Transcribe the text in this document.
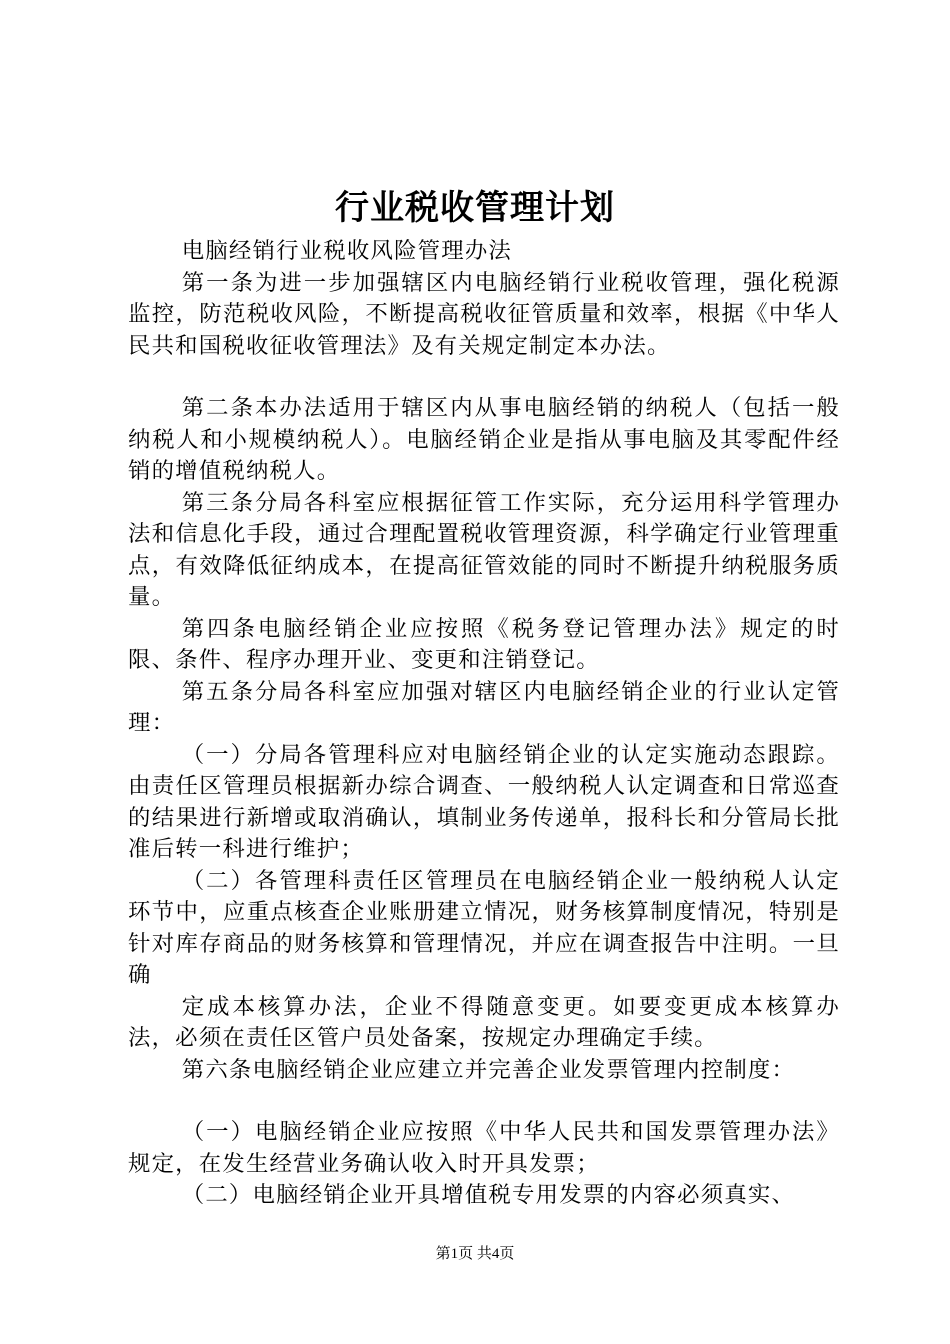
行业税收管理计划

电脑经销行业税收风险管理办法

第一条为进一步加强辖区内电脑经销行业税收管理，强化税源监控，防范税收风险，不断提高税收征管质量和效率，根据《中华人民共和国税收征收管理法》及有关规定制定本办法。

第二条本办法适用于辖区内从事电脑经销的纳税人（包括一般纳税人和小规模纳税人）。电脑经销企业是指从事电脑及其零配件经销的增值税纳税人。

第三条分局各科室应根据征管工作实际，充分运用科学管理办法和信息化手段，通过合理配置税收管理资源，科学确定行业管理重点，有效降低征纳成本，在提高征管效能的同时不断提升纳税服务质量。

第四条电脑经销企业应按照《税务登记管理办法》规定的时限、条件、程序办理开业、变更和注销登记。

第五条分局各科室应加强对辖区内电脑经销企业的行业认定管理：

（一）分局各管理科应对电脑经销企业的认定实施动态跟踪。由责任区管理员根据新办综合调查、一般纳税人认定调查和日常巡查的结果进行新增或取消确认，填制业务传递单，报科长和分管局长批准后转一科进行维护；

（二）各管理科责任区管理员在电脑经销企业一般纳税人认定环节中，应重点核查企业账册建立情况，财务核算制度情况，特别是针对库存商品的财务核算和管理情况，并应在调查报告中注明。一旦确

定成本核算办法，企业不得随意变更。如要变更成本核算办法，必须在责任区管户员处备案，按规定办理确定手续。

第六条电脑经销企业应建立并完善企业发票管理内控制度：

（一）电脑经销企业应按照《中华人民共和国发票管理办法》规定，在发生经营业务确认收入时开具发票；

（二）电脑经销企业开具增值税专用发票的内容必须真实、

第1页 共4页
